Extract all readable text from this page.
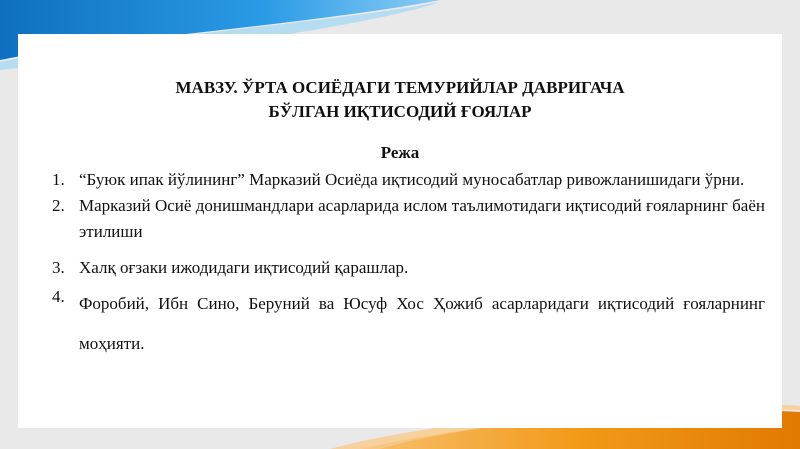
МАВЗУ. ЎРТА ОСИЁДАГИ ТЕМУРИЙЛАР ДАВРИГАЧА
БЎЛГАН ИҚТИСОДИЙ ҒОЯЛАР
Режа
1. “Буюк ипак йўлининг” Марказий Осиёда иқтисодий муносабатлар ривожланишидаги ўрни.
2. Марказий Осиё донишмандлари асарларида ислом таълимотидаги иқтисодий ғояларнинг баён этилиши
3. Халқ оғзаки ижодидаги иқтисодий қарашлар.
4. Форобий, Ибн Сино, Беруний ва Юсуф Хос Ҳожиб асарларидаги иқтисодий ғояларнинг моҳияти.
